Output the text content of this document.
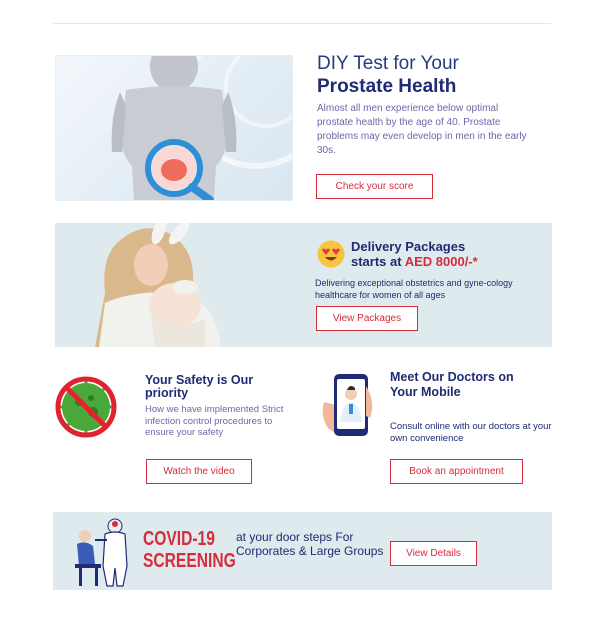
DIY Test for Your
Prostate Health
Almost all men experience below optimal prostate health by the age of 40. Prostate problems may even develop in men in the early 30s.
Check your score
Delivery Packages
starts at AED 8000/-*
Delivering exceptional obstetrics and gyne-cology healthcare for women of all ages
View Packages
Your Safety is Our priority
How we have implemented Strict infection control procedures to ensure your safety
Watch the video
Meet Our Doctors on Your Mobile
Consult online with our doctors at your own convenience
Book an appointment
COVID-19
SCREENING
at your door steps For Corporates & Large Groups	View Details
